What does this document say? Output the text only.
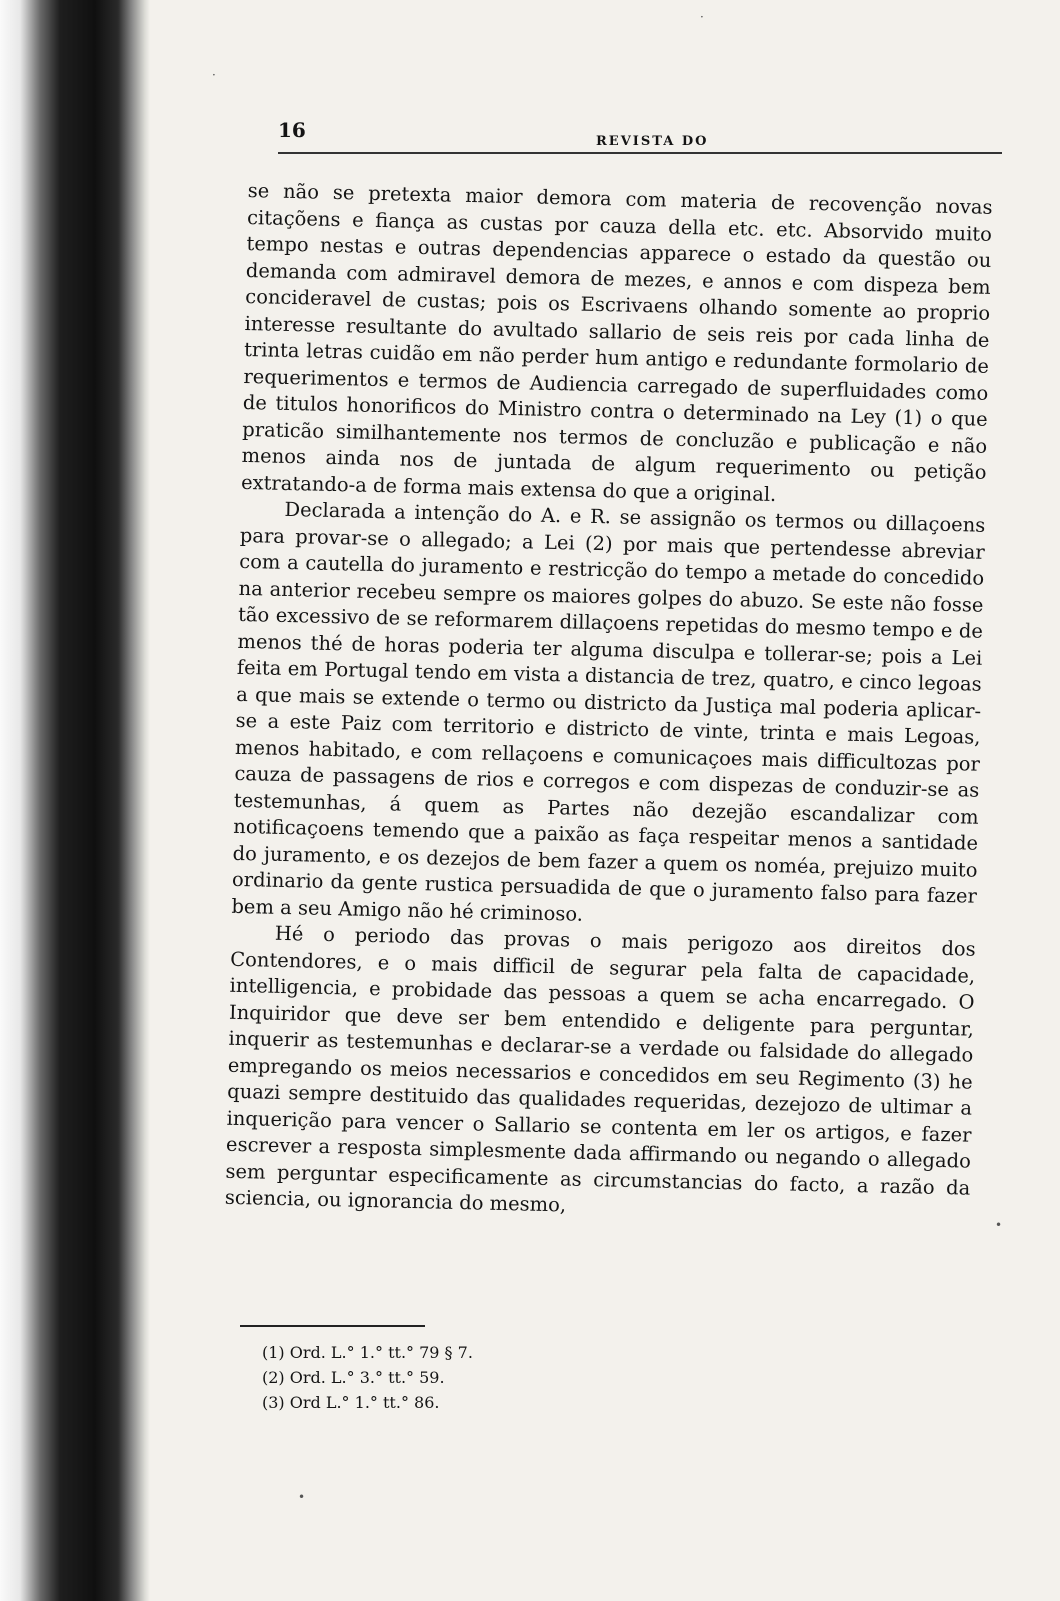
16	REVISTA DO

se não se pretexta maior demora com materia de recovenção novas citaçõens e fiança as custas por cauza della etc. etc. Absorvido muito tempo nestas e outras dependencias apparece o estado da questão ou demanda com admiravel demora de mezes, e annos e com dispeza bem concideravel de custas; pois os Escrivaens olhando somente ao proprio interesse resultante do avultado sallario de seis reis por cada linha de trinta letras cuidão em não perder hum antigo e redundante formolario de requerimentos e termos de Audiencia carregado de superfluidades como de titulos honorificos do Ministro contra o determinado na Ley (1) o que praticão similhantemente nos termos de concluzão e publicação e não menos ainda nos de juntada de algum requerimento ou petição extratando-a de forma mais extensa do que a original.

Declarada a intenção do A. e R. se assignão os termos ou dillaçoens para provar-se o allegado; a Lei (2) por mais que pertendesse abreviar com a cautella do juramento e restricção do tempo a metade do concedido na anterior recebeu sempre os maiores golpes do abuzo. Se este não fosse tão excessivo de se reformarem dillaçoens repetidas do mesmo tempo e de menos thé de horas poderia ter alguma disculpa e tollerar-se; pois a Lei feita em Portugal tendo em vista a distancia de trez, quatro, e cinco legoas a que mais se extende o termo ou districto da Justiça mal poderia aplicar-se a este Paiz com territorio e districto de vinte, trinta e mais Legoas, menos habitado, e com rellaçoens e comunicaçoes mais difficultozas por cauza de passagens de rios e corregos e com dispezas de conduzir-se as testemunhas, á quem as Partes não dezejão escandalizar com notificaçoens temendo que a paixão as faça respeitar menos a santidade do juramento, e os dezejos de bem fazer a quem os noméa, prejuizo muito ordinario da gente rustica persuadida de que o juramento falso para fazer bem a seu Amigo não hé criminoso.

Hé o periodo das provas o mais perigozo aos direitos dos Contendores, e o mais difficil de segurar pela falta de capacidade, intelligencia, e probidade das pessoas a quem se acha encarregado. O Inquiridor que deve ser bem entendido e deligente para perguntar, inquerir as testemunhas e declarar-se a verdade ou falsidade do allegado empregando os meios necessarios e concedidos em seu Regimento (3) he quazi sempre destituido das qualidades requeridas, dezejozo de ultimar a inquerição para vencer o Sallario se contenta em ler os artigos, e fazer escrever a resposta simplesmente dada affirmando ou negando o allegado sem perguntar especificamente as circumstancias do facto, a razão da sciencia, ou ignorancia do mesmo,

(1) Ord. L.° 1.° tt.° 79 § 7.
(2) Ord. L.° 3.° tt.° 59.
(3) Ord L.° 1.° tt.° 86.
·
·
•
•
